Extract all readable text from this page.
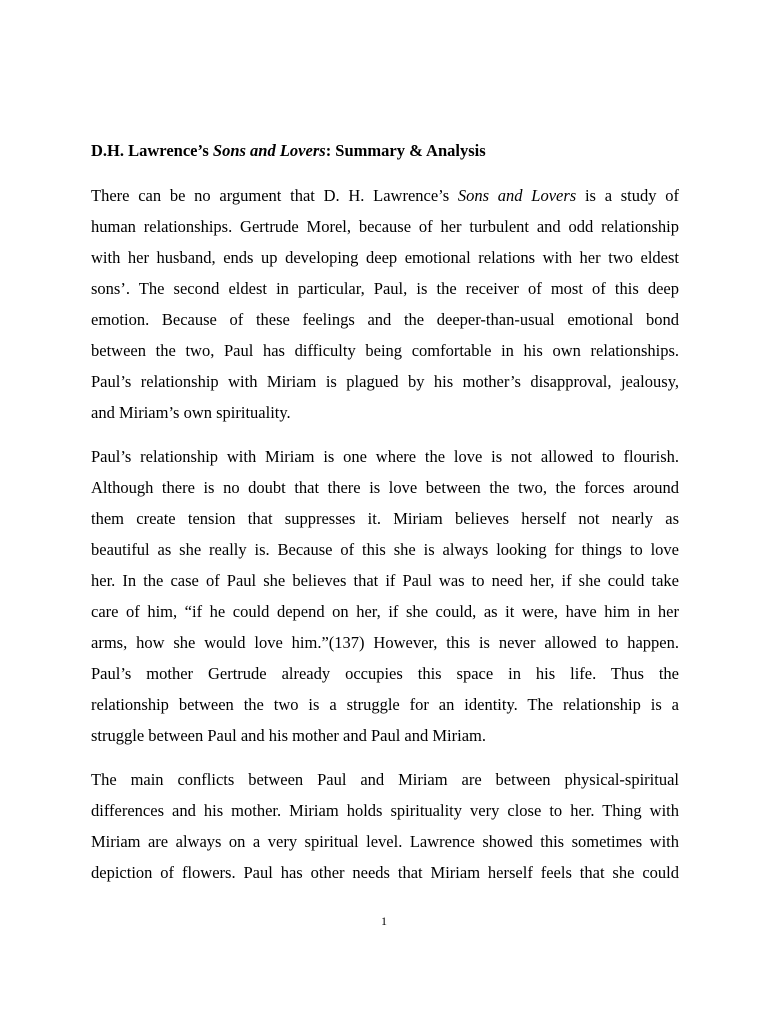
D.H. Lawrence’s Sons and Lovers: Summary & Analysis

There can be no argument that D. H. Lawrence’s Sons and Lovers is a study of
human relationships. Gertrude Morel, because of her turbulent and odd relationship
with her husband, ends up developing deep emotional relations with her two eldest
sons’. The second eldest in particular, Paul, is the receiver of most of this deep
emotion. Because of these feelings and the deeper-than-usual emotional bond
between the two, Paul has difficulty being comfortable in his own relationships.
Paul’s relationship with Miriam is plagued by his mother’s disapproval, jealousy,
and Miriam’s own spirituality.

Paul’s relationship with Miriam is one where the love is not allowed to flourish.
Although there is no doubt that there is love between the two, the forces around
them create tension that suppresses it. Miriam believes herself not nearly as
beautiful as she really is. Because of this she is always looking for things to love
her. In the case of Paul she believes that if Paul was to need her, if she could take
care of him, “if he could depend on her, if she could, as it were, have him in her
arms, how she would love him.”(137) However, this is never allowed to happen.
Paul’s mother Gertrude already occupies this space in his life. Thus the
relationship between the two is a struggle for an identity. The relationship is a
struggle between Paul and his mother and Paul and Miriam.

The main conflicts between Paul and Miriam are between physical-spiritual
differences and his mother. Miriam holds spirituality very close to her. Thing with
Miriam are always on a very spiritual level. Lawrence showed this sometimes with
depiction of flowers. Paul has other needs that Miriam herself feels that she could

1
